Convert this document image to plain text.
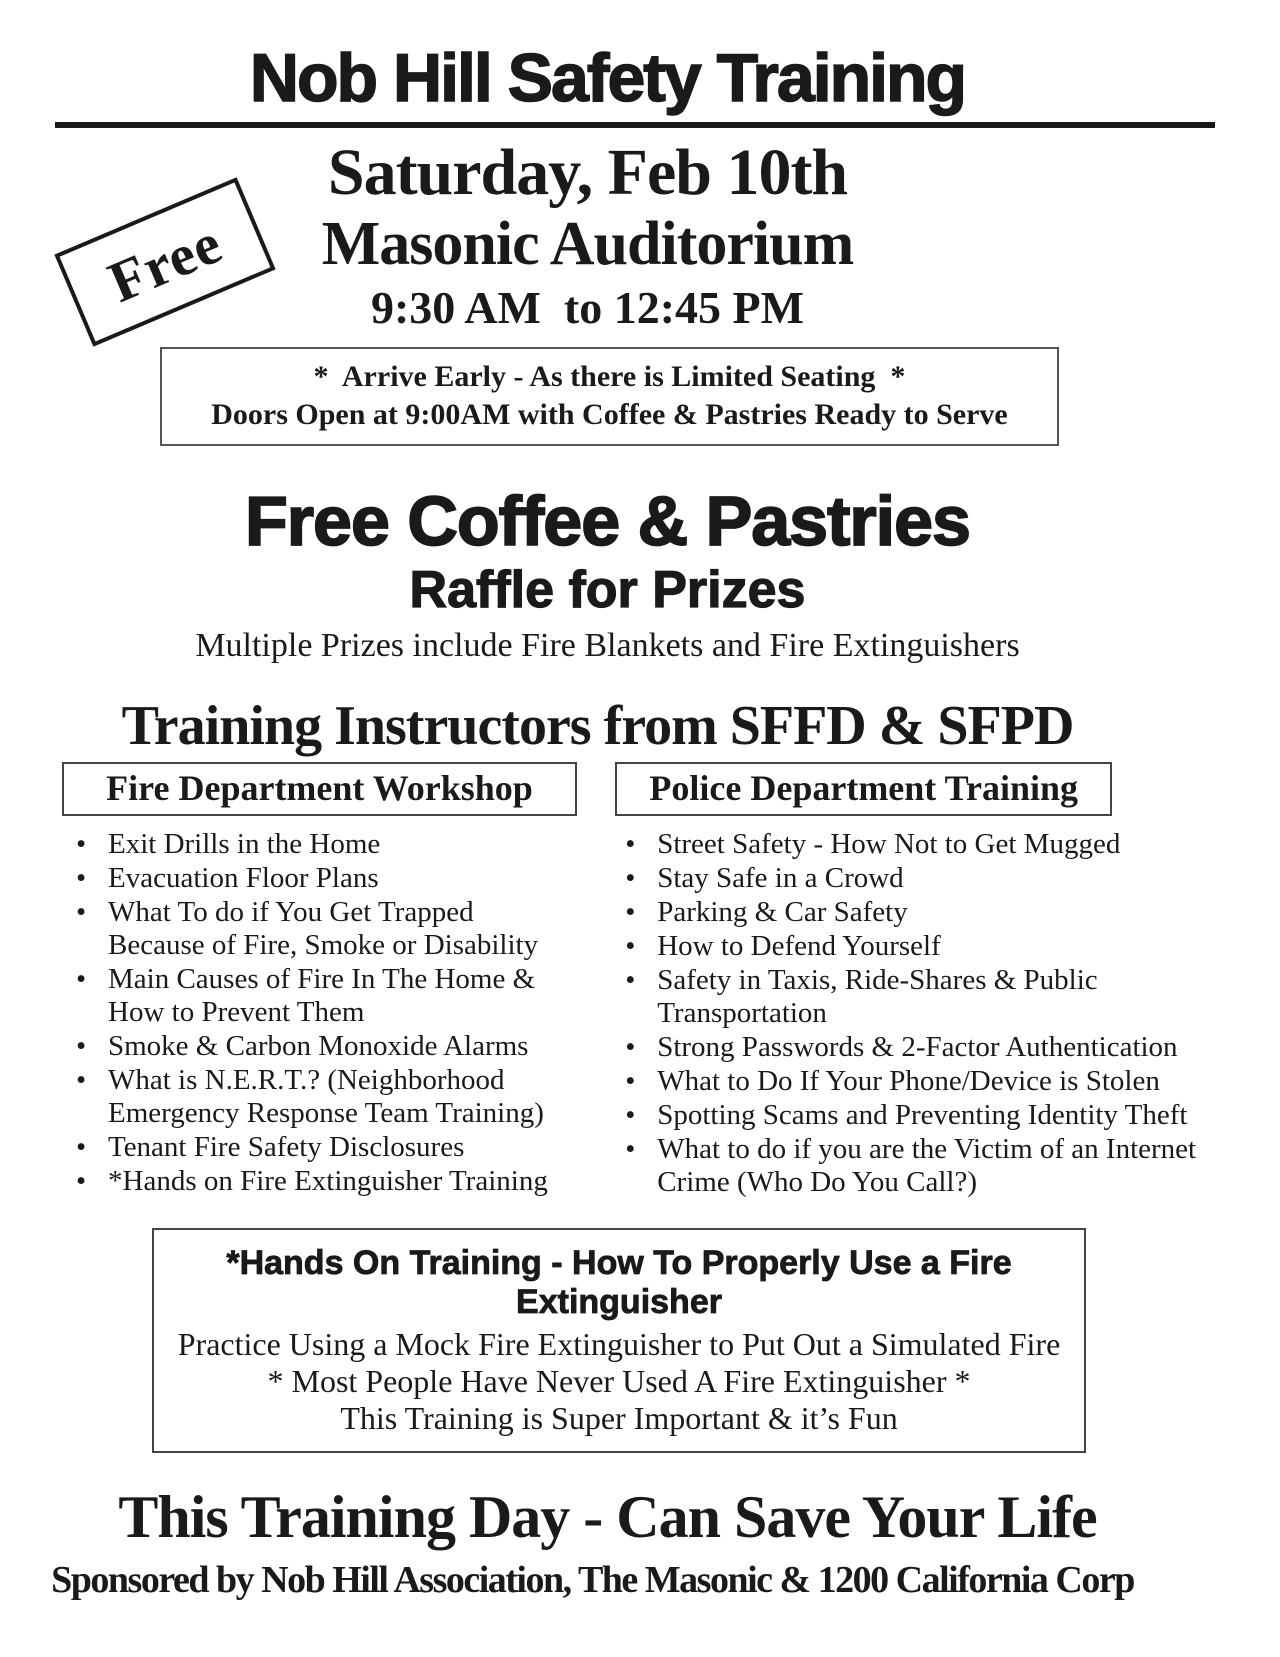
Free
Nob Hill Safety Training
Saturday, Feb 10th
Masonic Auditorium
9:30 AM  to 12:45 PM
*  Arrive Early - As there is Limited Seating  *
Doors Open at 9:00AM with Coffee & Pastries Ready to Serve
Free Coffee & Pastries
Raffle for Prizes
Multiple Prizes include Fire Blankets and Fire Extinguishers
Training Instructors from SFFD & SFPD
Fire Department Workshop
• Exit Drills in the Home
• Evacuation Floor Plans
• What To do if You Get Trapped Because of Fire, Smoke or Disability
• Main Causes of Fire In The Home & How to Prevent Them
• Smoke & Carbon Monoxide Alarms
• What is N.E.R.T.? (Neighborhood Emergency Response Team Training)
• Tenant Fire Safety Disclosures
• *Hands on Fire Extinguisher Training
Police Department Training
• Street Safety - How Not to Get Mugged
• Stay Safe in a Crowd
• Parking & Car Safety
• How to Defend Yourself
• Safety in Taxis, Ride-Shares & Public Transportation
• Strong Passwords & 2-Factor Authentication
• What to Do If Your Phone/Device is Stolen
• Spotting Scams and Preventing Identity Theft
• What to do if you are the Victim of an Internet Crime (Who Do You Call?)
*Hands On Training - How To Properly Use a Fire Extinguisher
Practice Using a Mock Fire Extinguisher to Put Out a Simulated Fire
* Most People Have Never Used A Fire Extinguisher *
This Training is Super Important & it’s Fun
This Training Day - Can Save Your Life
Sponsored by Nob Hill Association, The Masonic & 1200 California Corp
